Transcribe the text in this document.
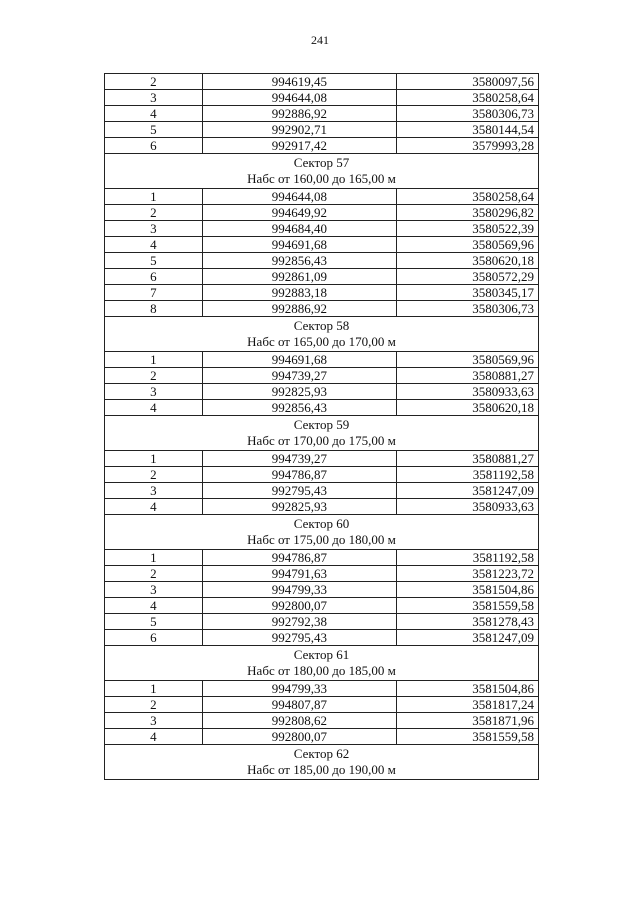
241
2	994619,45	3580097,56
3	994644,08	3580258,64
4	992886,92	3580306,73
5	992902,71	3580144,54
6	992917,42	3579993,28

Сектор 57
Набс от 160,00 до 165,00 м		

1	994644,08	3580258,64
2	994649,92	3580296,82
3	994684,40	3580522,39
4	994691,68	3580569,96
5	992856,43	3580620,18
6	992861,09	3580572,29
7	992883,18	3580345,17
8	992886,92	3580306,73

Сектор 58
Набс от 165,00 до 170,00 м		

1	994691,68	3580569,96
2	994739,27	3580881,27
3	992825,93	3580933,63
4	992856,43	3580620,18

Сектор 59
Набс от 170,00 до 175,00 м		

1	994739,27	3580881,27
2	994786,87	3581192,58
3	992795,43	3581247,09
4	992825,93	3580933,63

Сектор 60
Набс от 175,00 до 180,00 м		

1	994786,87	3581192,58
2	994791,63	3581223,72
3	994799,33	3581504,86
4	992800,07	3581559,58
5	992792,38	3581278,43
6	992795,43	3581247,09

Сектор 61
Набс от 180,00 до 185,00 м		

1	994799,33	3581504,86
2	994807,87	3581817,24
3	992808,62	3581871,96
4	992800,07	3581559,58

Сектор 62
Набс от 185,00 до 190,00 м		
